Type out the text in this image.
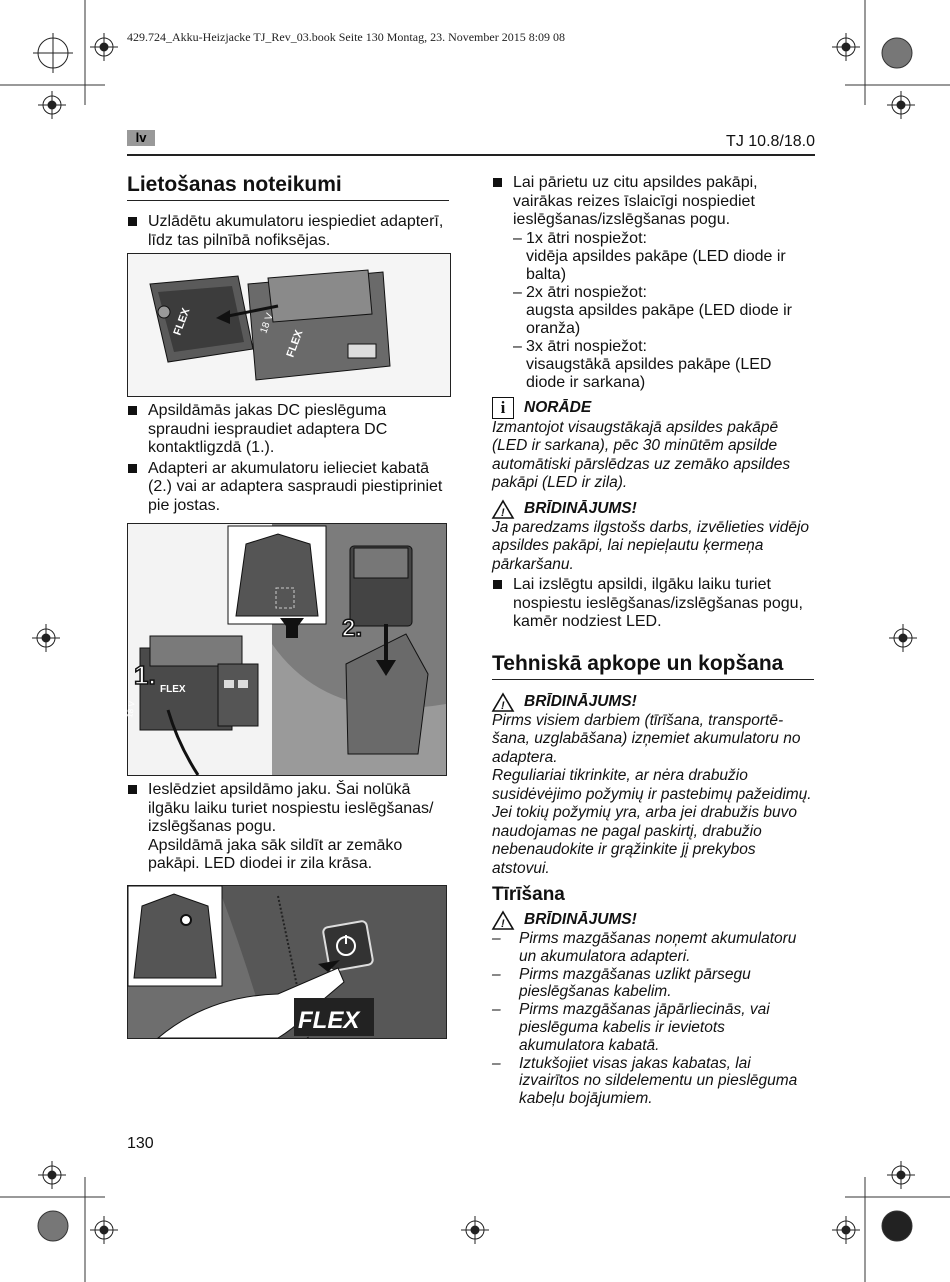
429.724_Akku-Heizjacke TJ_Rev_03.book Seite 130 Montag, 23. November 2015 8:09 08
lv	TJ 10.8/18.0
Lietošanas noteikumi
Uzlādētu akumulatoru iespiediet adapterī, līdz tas pilnībā nofiksējas.
FLEX	18 V
FLEX
Apsildāmās jakas DC pieslēguma spraudni iespraudiet adaptera DC kontaktligzdā (1.).
Adapteri ar akumulatoru ielieciet kabatā (2.) vai ar adaptera saspraudi piestipriniet pie jostas.
1.
2.
FLEX
18 V
Ieslēdziet apsildāmo jaku. Šai nolūkā ilgāku laiku turiet nospiestu ieslēgšanas/ izslēgšanas pogu.
Apsildāmā jaka sāk sildīt ar zemāko pakāpi. LED diodei ir zila krāsa.
FLEX
Lai pārietu uz citu apsildes pakāpi, vairākas reizes īslaicīgi nospiediet ieslēgšanas/izslēgšanas pogu.
– 1x ātri nospiežot:
vidēja apsildes pakāpe (LED diode ir balta)
– 2x ātri nospiežot:
augsta apsildes pakāpe (LED diode ir oranža)
– 3x ātri nospiežot:
visaugstākā apsildes pakāpe (LED diode ir sarkana)
i	NORĀDE
Izmantojot visaugstākajā apsildes pakāpē (LED ir sarkana), pēc 30 minūtēm apsilde automātiski pārslēdzas uz zemāko apsildes pakāpi (LED ir zila).
! BRĪDINĀJUMS!
Ja paredzams ilgstošs darbs, izvēlieties vidējo apsildes pakāpi, lai nepieļautu ķermeņa pārkaršanu.
Lai izslēgtu apsildi, ilgāku laiku turiet nospiestu ieslēgšanas/izslēgšanas pogu, kamēr nodziest LED.
Tehniskā apkope un kopšana
! BRĪDINĀJUMS!
Pirms visiem darbiem (tīrīšana, transportē-šana, uzglabāšana) izņemiet akumulatoru no adaptera.
Reguliariai tikrinkite, ar nėra drabužio susidėvėjimo požymių ir pastebimų pažeidimų. Jei tokių požymių yra, arba jei drabužis buvo naudojamas ne pagal paskirtį, drabužio nebenaudokite ir grąžinkite jį prekybos atstovui.
Tīrīšana
! BRĪDINĀJUMS!
– Pirms mazgāšanas noņemt akumulatoru un akumulatora adapteri.
– Pirms mazgāšanas uzlikt pārsegu pieslēgšanas kabelim.
– Pirms mazgāšanas jāpārliecinās, vai pieslēguma kabelis ir ievietots akumulatora kabatā.
– Iztukšojiet visas jakas kabatas, lai izvairītos no sildelementu un pieslēguma kabeļu bojājumiem.
130
